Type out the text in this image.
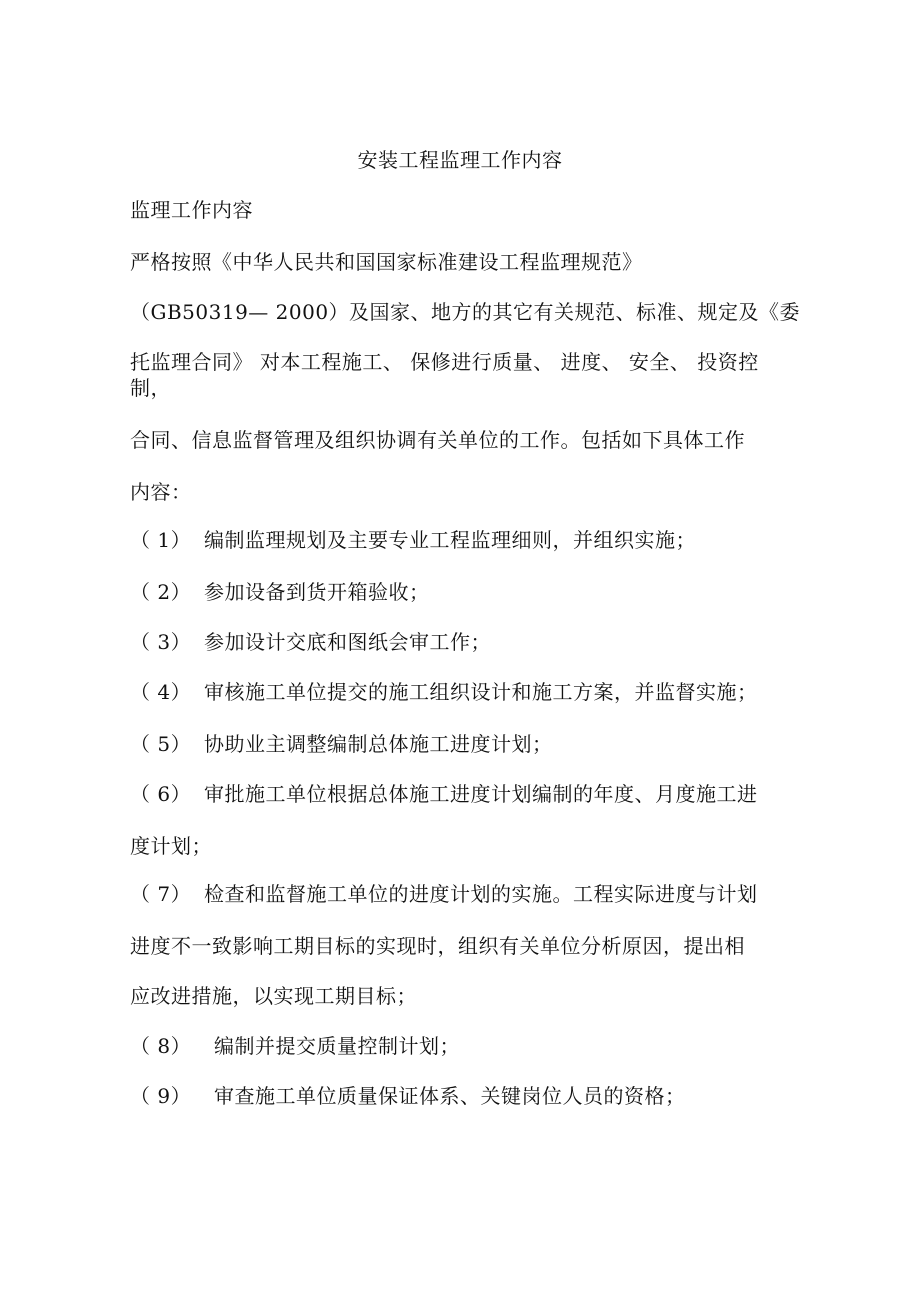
安装工程监理工作内容
监理工作内容
严格按照《中华人民共和国国家标准建设工程监理规范》
（GB50319— 2000）及国家、地方的其它有关规范、标准、规定及《委
托监理合同》 对本工程施工、 保修进行质量、 进度、 安全、 投资控
制，
合同、信息监督管理及组织协调有关单位的工作。包括如下具体工作
内容：
（ 1） 编制监理规划及主要专业工程监理细则，并组织实施；
（ 2） 参加设备到货开箱验收；
（ 3） 参加设计交底和图纸会审工作；
（ 4） 审核施工单位提交的施工组织设计和施工方案，并监督实施；
（ 5） 协助业主调整编制总体施工进度计划；
（ 6） 审批施工单位根据总体施工进度计划编制的年度、月度施工进
度计划；
（ 7） 检查和监督施工单位的进度计划的实施。工程实际进度与计划
进度不一致影响工期目标的实现时，组织有关单位分析原因，提出相
应改进措施，以实现工期目标；
（ 8） 编制并提交质量控制计划；
（ 9） 审查施工单位质量保证体系、关键岗位人员的资格；
